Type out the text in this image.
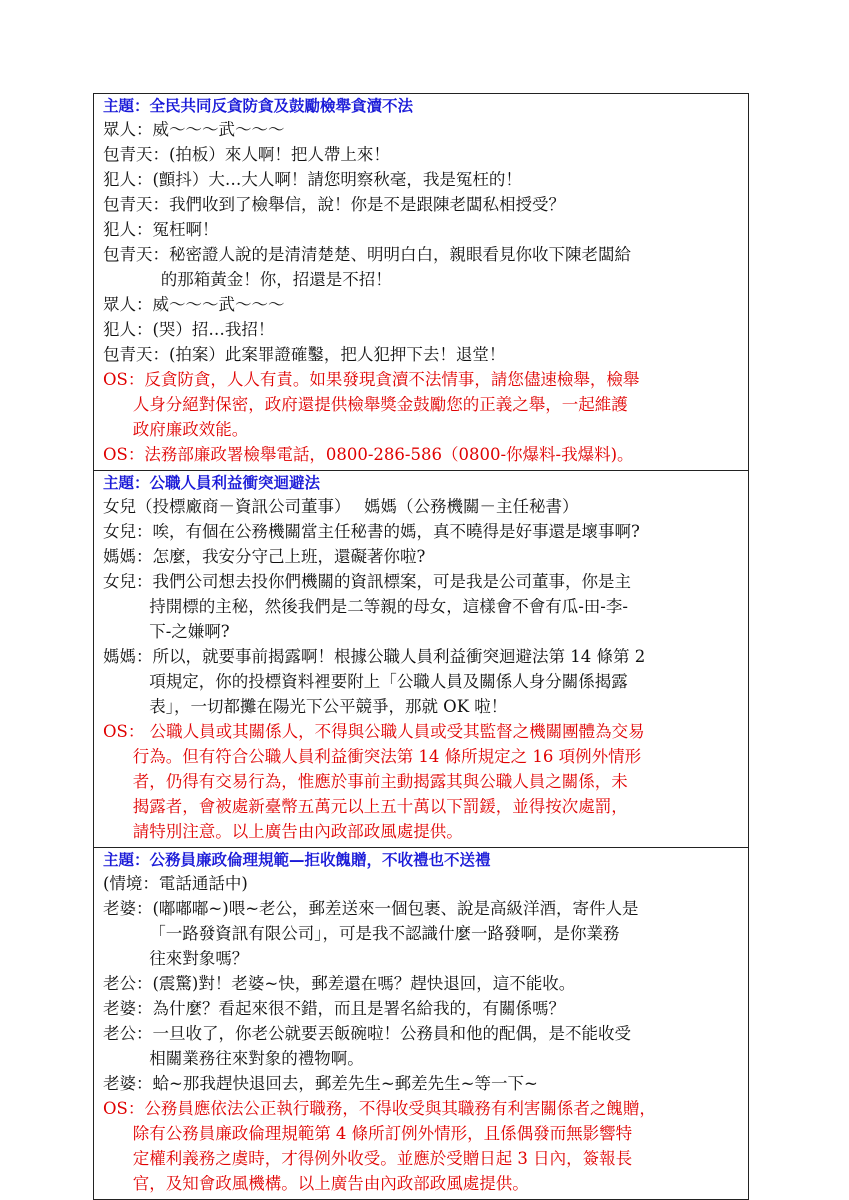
主題：全民共同反貪防貪及鼓勵檢舉貪瀆不法
眾人：威～～～武～～～
包青天：(拍板）來人啊！把人帶上來！
犯人：(顫抖）大…大人啊！請您明察秋毫，我是冤枉的！
包青天：我們收到了檢舉信，說！你是不是跟陳老闆私相授受？
犯人：冤枉啊！
包青天：秘密證人說的是清清楚楚、明明白白，親眼看見你收下陳老闆給
的那箱黃金！你，招還是不招！
眾人：威～～～武～～～
犯人：(哭）招…我招！
包青天：(拍案）此案罪證確鑿，把人犯押下去！退堂！
OS：反貪防貪，人人有責。如果發現貪瀆不法情事，請您儘速檢舉，檢舉
人身分絕對保密，政府還提供檢舉獎金鼓勵您的正義之舉，一起維護
政府廉政效能。
OS：法務部廉政署檢舉電話，0800-286-586（0800-你爆料-我爆料)。
主題：公職人員利益衝突迴避法
女兒（投標廠商－資訊公司董事）　 媽媽（公務機關－主任秘書）
女兒：唉，有個在公務機關當主任秘書的媽，真不曉得是好事還是壞事啊?
媽媽：怎麼，我安分守己上班，還礙著你啦?
女兒：我們公司想去投你們機關的資訊標案，可是我是公司董事，你是主
持開標的主秘，然後我們是二等親的母女，這樣會不會有瓜-田-李-
下-之嫌啊?
媽媽：所以，就要事前揭露啊！根據公職人員利益衝突迴避法第 14 條第 2
項規定，你的投標資料裡要附上「公職人員及關係人身分關係揭露
表」，一切都攤在陽光下公平競爭，那就 OK 啦！
OS： 公職人員或其關係人，不得與公職人員或受其監督之機關團體為交易
行為。但有符合公職人員利益衝突法第 14 條所規定之 16 項例外情形
者，仍得有交易行為，惟應於事前主動揭露其與公職人員之關係，未
揭露者，會被處新臺幣五萬元以上五十萬以下罰鍰，並得按次處罰，
請特別注意。以上廣告由內政部政風處提供。
主題：公務員廉政倫理規範—拒收餽贈，不收禮也不送禮
(情境：電話通話中)
老婆：(嘟嘟嘟~)喂~老公，郵差送來一個包裹、說是高級洋酒，寄件人是
「一路發資訊有限公司」，可是我不認識什麼一路發啊，是你業務
往來對象嗎？
老公：(震驚)對！老婆~快，郵差還在嗎？趕快退回，這不能收。
老婆：為什麼？看起來很不錯，而且是署名給我的，有關係嗎？
老公：一旦收了，你老公就要丟飯碗啦！公務員和他的配偶，是不能收受
相關業務往來對象的禮物啊。
老婆：蛤~那我趕快退回去，郵差先生~郵差先生~等一下~
OS：公務員應依法公正執行職務，不得收受與其職務有利害關係者之餽贈，
除有公務員廉政倫理規範第 4 條所訂例外情形，且係偶發而無影響特
定權利義務之虞時，才得例外收受。並應於受贈日起 3 日內，簽報長
官，及知會政風機構。以上廣告由內政部政風處提供。
